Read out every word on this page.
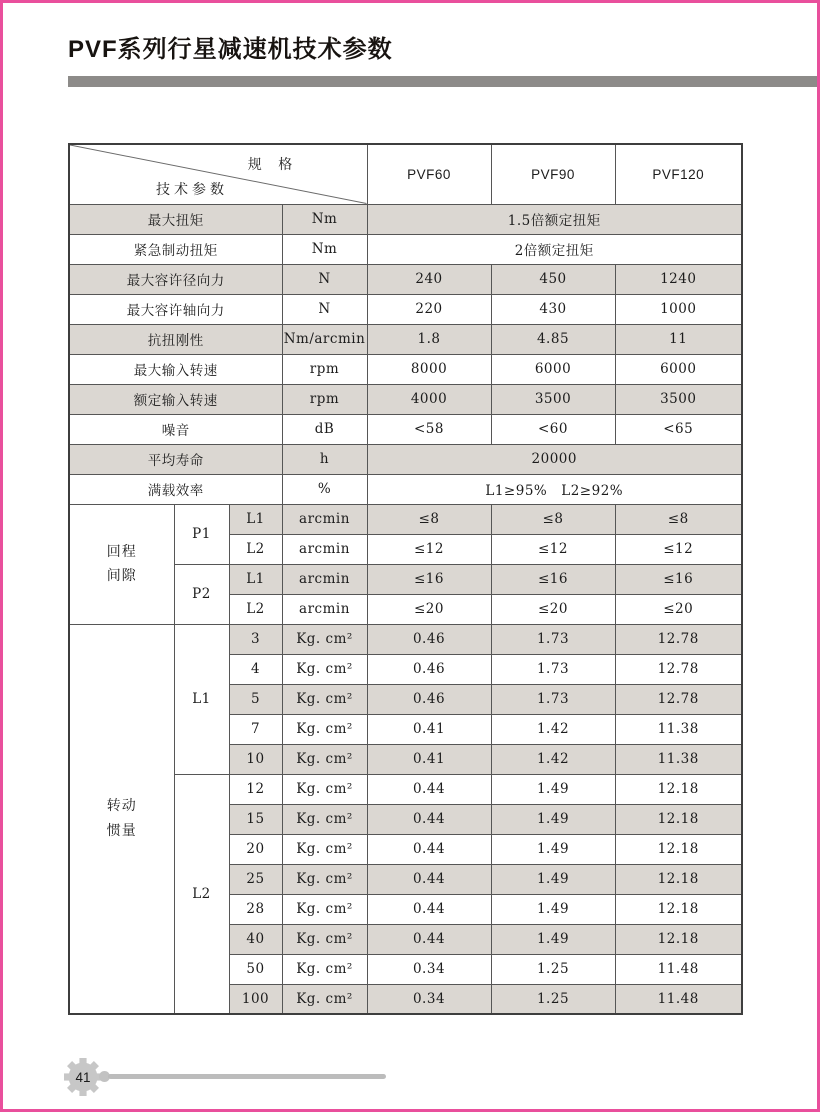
PVF系列行星减速机技术参数
规 格
技术参数				PVF60	PVF90	PVF120
最大扭矩			Nm	1.5倍额定扭矩		
紧急制动扭矩			Nm	2倍额定扭矩		
最大容许径向力			N	240	450	1240
最大容许轴向力			N	220	430	1000
抗扭刚性			Nm/arcmin	1.8	4.85	11
最大输入转速			rpm	8000	6000	6000
额定输入转速			rpm	4000	3500	3500
噪音			dB	<58	<60	<65
平均寿命			h	20000		
满载效率			%	L1≥95%　L2≥92%		
回程间隙	P1	L1	arcmin	≤8	≤8	≤8
		L2	arcmin	≤12	≤12	≤12
	P2	L1	arcmin	≤16	≤16	≤16
		L2	arcmin	≤20	≤20	≤20
转动惯量	L1	3	Kg. cm²	0.46	1.73	12.78
		4	Kg. cm²	0.46	1.73	12.78
		5	Kg. cm²	0.46	1.73	12.78
		7	Kg. cm²	0.41	1.42	11.38
		10	Kg. cm²	0.41	1.42	11.38
	L2	12	Kg. cm²	0.44	1.49	12.18
		15	Kg. cm²	0.44	1.49	12.18
		20	Kg. cm²	0.44	1.49	12.18
		25	Kg. cm²	0.44	1.49	12.18
		28	Kg. cm²	0.44	1.49	12.18
		40	Kg. cm²	0.44	1.49	12.18
		50	Kg. cm²	0.34	1.25	11.48
		100	Kg. cm²	0.34	1.25	11.48
41
